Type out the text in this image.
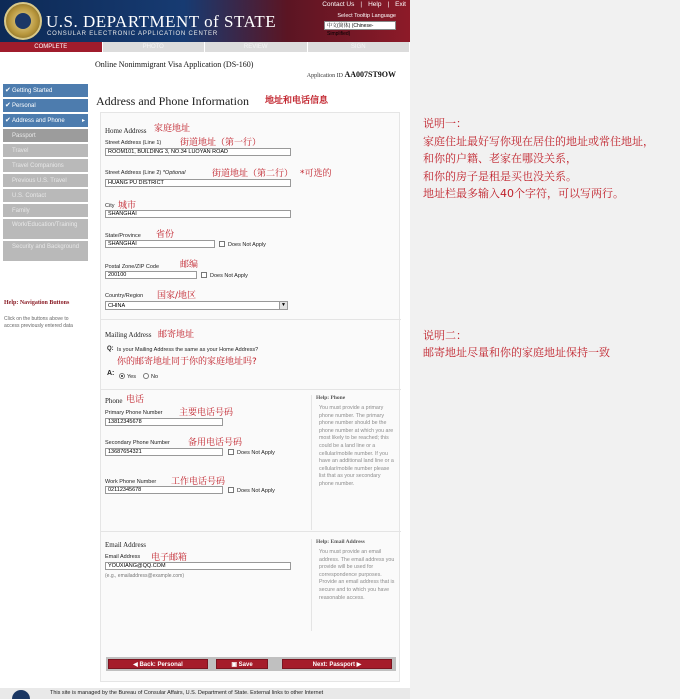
U.S. DEPARTMENT of STATE
CONSULAR ELECTRONIC APPLICATION CENTER
Contact Us | Help | Exit
Select Tooltip Language
中文(简体) (Chinese-Simplified)
COMPLETE	PHOTO	REVIEW	SIGN
✔ Getting Started
✔ Personal
✔ Address and Phone	▸
Passport
Travel
Travel Companions
Previous U.S. Travel
U.S. Contact
Family
Work/Education/Training
Security and Background
Help: Navigation Buttons
Click on the buttons above to access previously entered data
Online Nonimmigrant Visa Application (DS-160)
Application ID AA007ST9OW
Address and Phone Information
Home Address
Street Address (Line 1)
ROOM101, BUILDING 3, NO.34 LUOYAN ROAD
Street Address (Line 2) *Optional
HUANG PU DISTRICT
City
SHANGHAI
State/Province
SHANGHAI	Does Not Apply
Postal Zone/ZIP Code
200100	Does Not Apply
Country/Region
CHINA	▼
Mailing Address
Q: Is your Mailing Address the same as your Home Address?
A: Yes	No
Phone
Primary Phone Number
13812345678
Secondary Phone Number
13687654321	Does Not Apply
Work Phone Number
02112345678	Does Not Apply
Help: Phone
You must provide a primary phone number. The primary phone number should be the phone number at which you are most likely to be reached; this could be a land line or a cellular/mobile number. If you have an additional land line or a cellular/mobile number please list that as your secondary phone number.
Email Address
Email Address
YOUXIANG@QQ.COM
(e.g., emailaddress@example.com)
Help: Email Address
You must provide an email address. The email address you provide will be used for correspondence purposes. Provide an email address that is secure and to which you have reasonable access.
◀ Back: Personal	▣ Save	Next: Passport ▶
This site is managed by the Bureau of Consular Affairs, U.S. Department of State. External links to other Internet
地址和电话信息
家庭地址
街道地址（第一行）
街道地址（第二行） *可选的
城市
省份
邮编
国家/地区
邮寄地址
你的邮寄地址同于你的家庭地址吗?
电话
主要电话号码
备用电话号码
工作电话号码
电子邮箱
说明一：
家庭住址最好写你现在居住的地址或常住地址，
和你的户籍、老家在哪没关系，
和你的房子是租是买也没关系。
地址栏最多输入40个字符，可以写两行。
说明二：
邮寄地址尽量和你的家庭地址保持一致
